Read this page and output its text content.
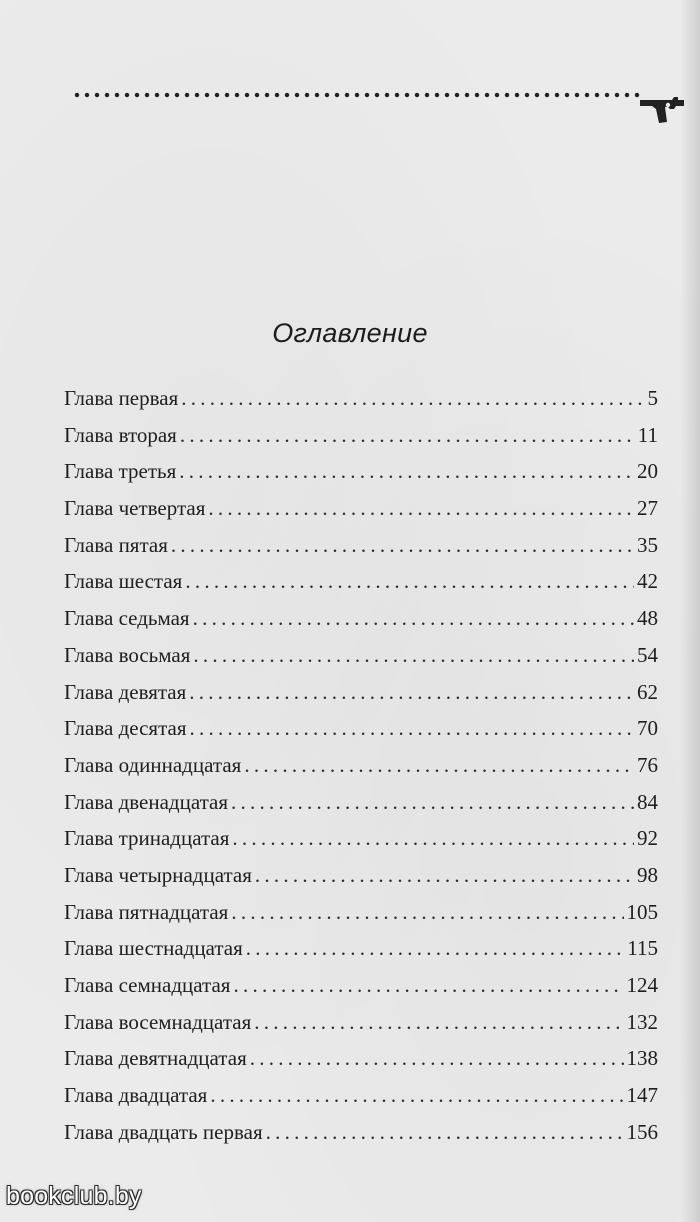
Оглавление
Глава первая . . .	5
Глава вторая . . .	11
Глава третья . . .	20
Глава четвертая . . .	27
Глава пятая . . .	35
Глава шестая . . .	42
Глава седьмая . . .	48
Глава восьмая . . .	54
Глава девятая . . .	62
Глава десятая . . .	70
Глава одиннадцатая . . .	76
Глава двенадцатая . . .	84
Глава тринадцатая . . .	92
Глава четырнадцатая . . .	98
Глава пятнадцатая . . .	105
Глава шестнадцатая . . .	115
Глава семнадцатая . . .	124
Глава восемнадцатая . . .	132
Глава девятнадцатая . . .	138
Глава двадцатая . . .	147
Глава двадцать первая . . .	156
bookclub.by
